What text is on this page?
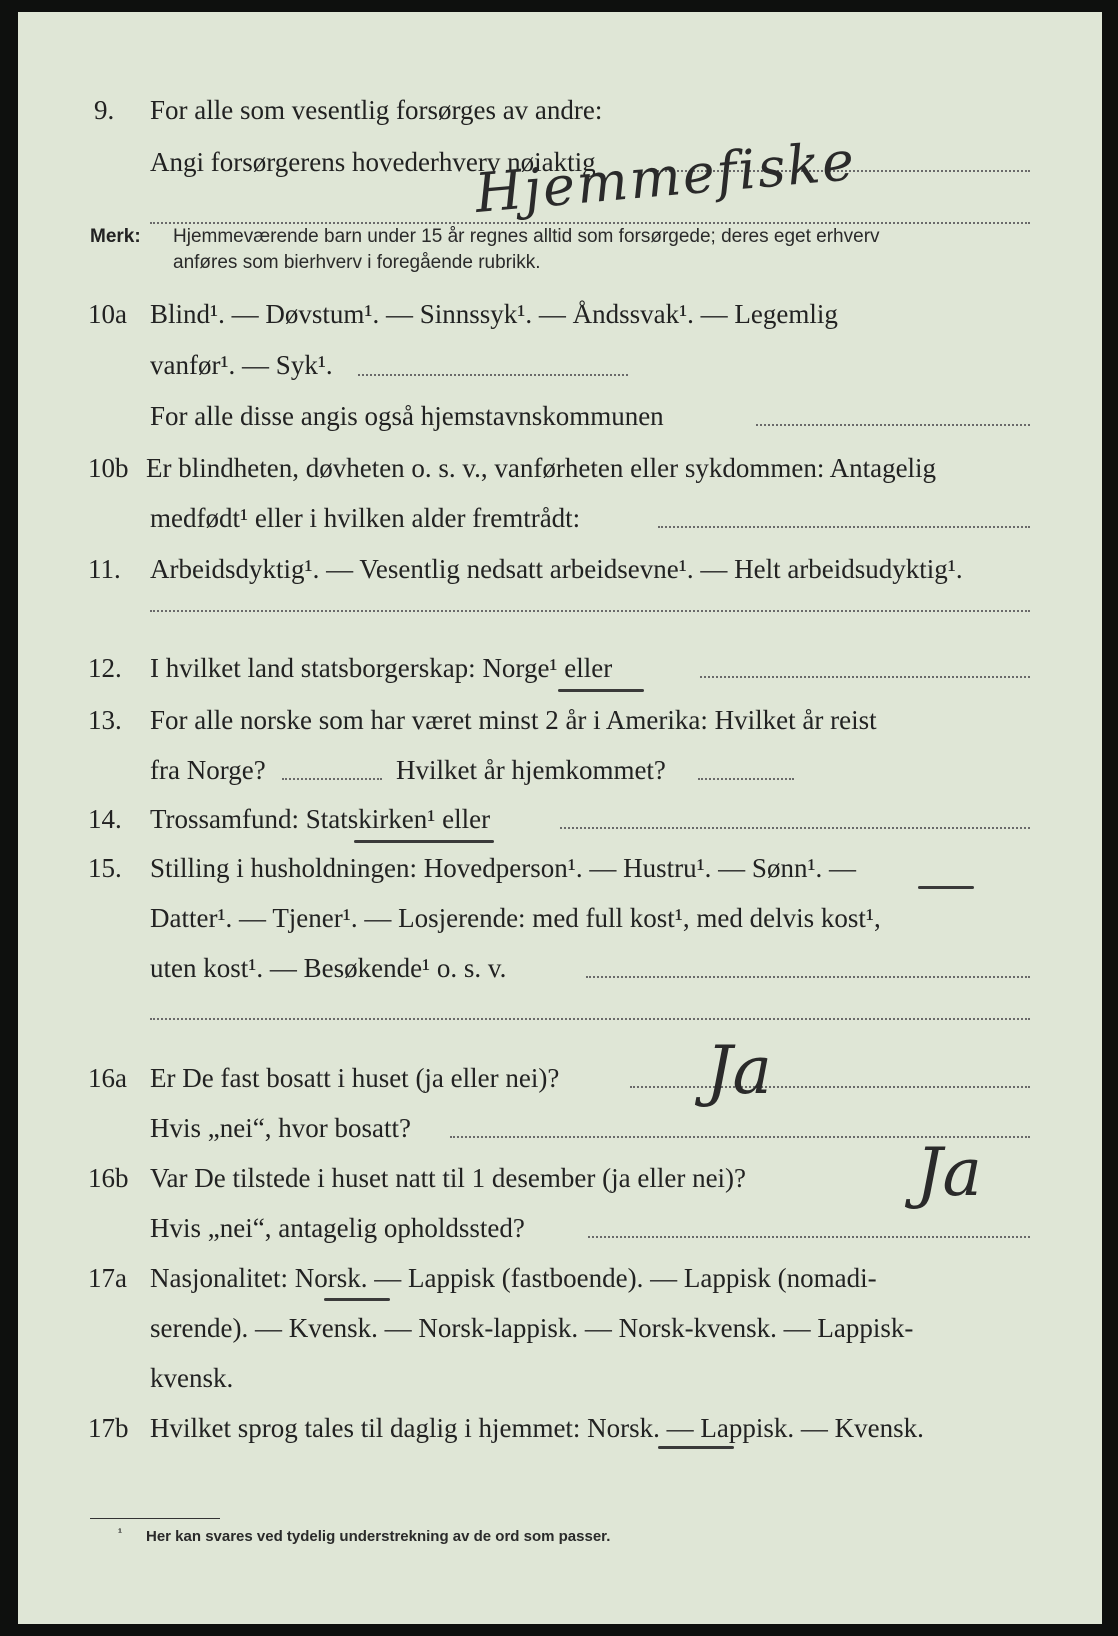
9. For alle som vesentlig forsørges av andre:
Angi forsørgerens hovederhverv nøiaktig
Hjemmefiske
Merk: Hjemmeværende barn under 15 år regnes alltid som forsørgede; deres eget erhverv
anføres som bierhverv i foregående rubrikk.
10a Blind¹. — Døvstum¹. — Sinnssyk¹. — Åndssvak¹. — Legemlig
vanfør¹. — Syk¹.
For alle disse angis også hjemstavnskommunen
10b Er blindheten, døvheten o. s. v., vanførheten eller sykdommen: Antagelig
medfødt¹ eller i hvilken alder fremtrådt:
11. Arbeidsdyktig¹. — Vesentlig nedsatt arbeidsevne¹. — Helt arbeidsudyktig¹.
12. I hvilket land statsborgerskap: Norge¹ eller
13. For alle norske som har været minst 2 år i Amerika: Hvilket år reist
fra Norge?	Hvilket år hjemkommet?
14. Trossamfund: Statskirken¹ eller
15. Stilling i husholdningen: Hovedperson¹. — Hustru¹. — Sønn¹. —
Datter¹. — Tjener¹. — Losjerende: med full kost¹, med delvis kost¹,
uten kost¹. — Besøkende¹ o. s. v.
16a Er De fast bosatt i huset (ja eller nei)? Ja
Hvis „nei“, hvor bosatt?
16b Var De tilstede i huset natt til 1 desember (ja eller nei)?	Ja
Hvis „nei“, antagelig opholdssted?
17a Nasjonalitet: Norsk. — Lappisk (fastboende). — Lappisk (nomadi-
serende). — Kvensk. — Norsk-lappisk. — Norsk-kvensk. — Lappisk-
kvensk.
17b Hvilket sprog tales til daglig i hjemmet: Norsk. — Lappisk. — Kvensk.
¹ Her kan svares ved tydelig understrekning av de ord som passer.
